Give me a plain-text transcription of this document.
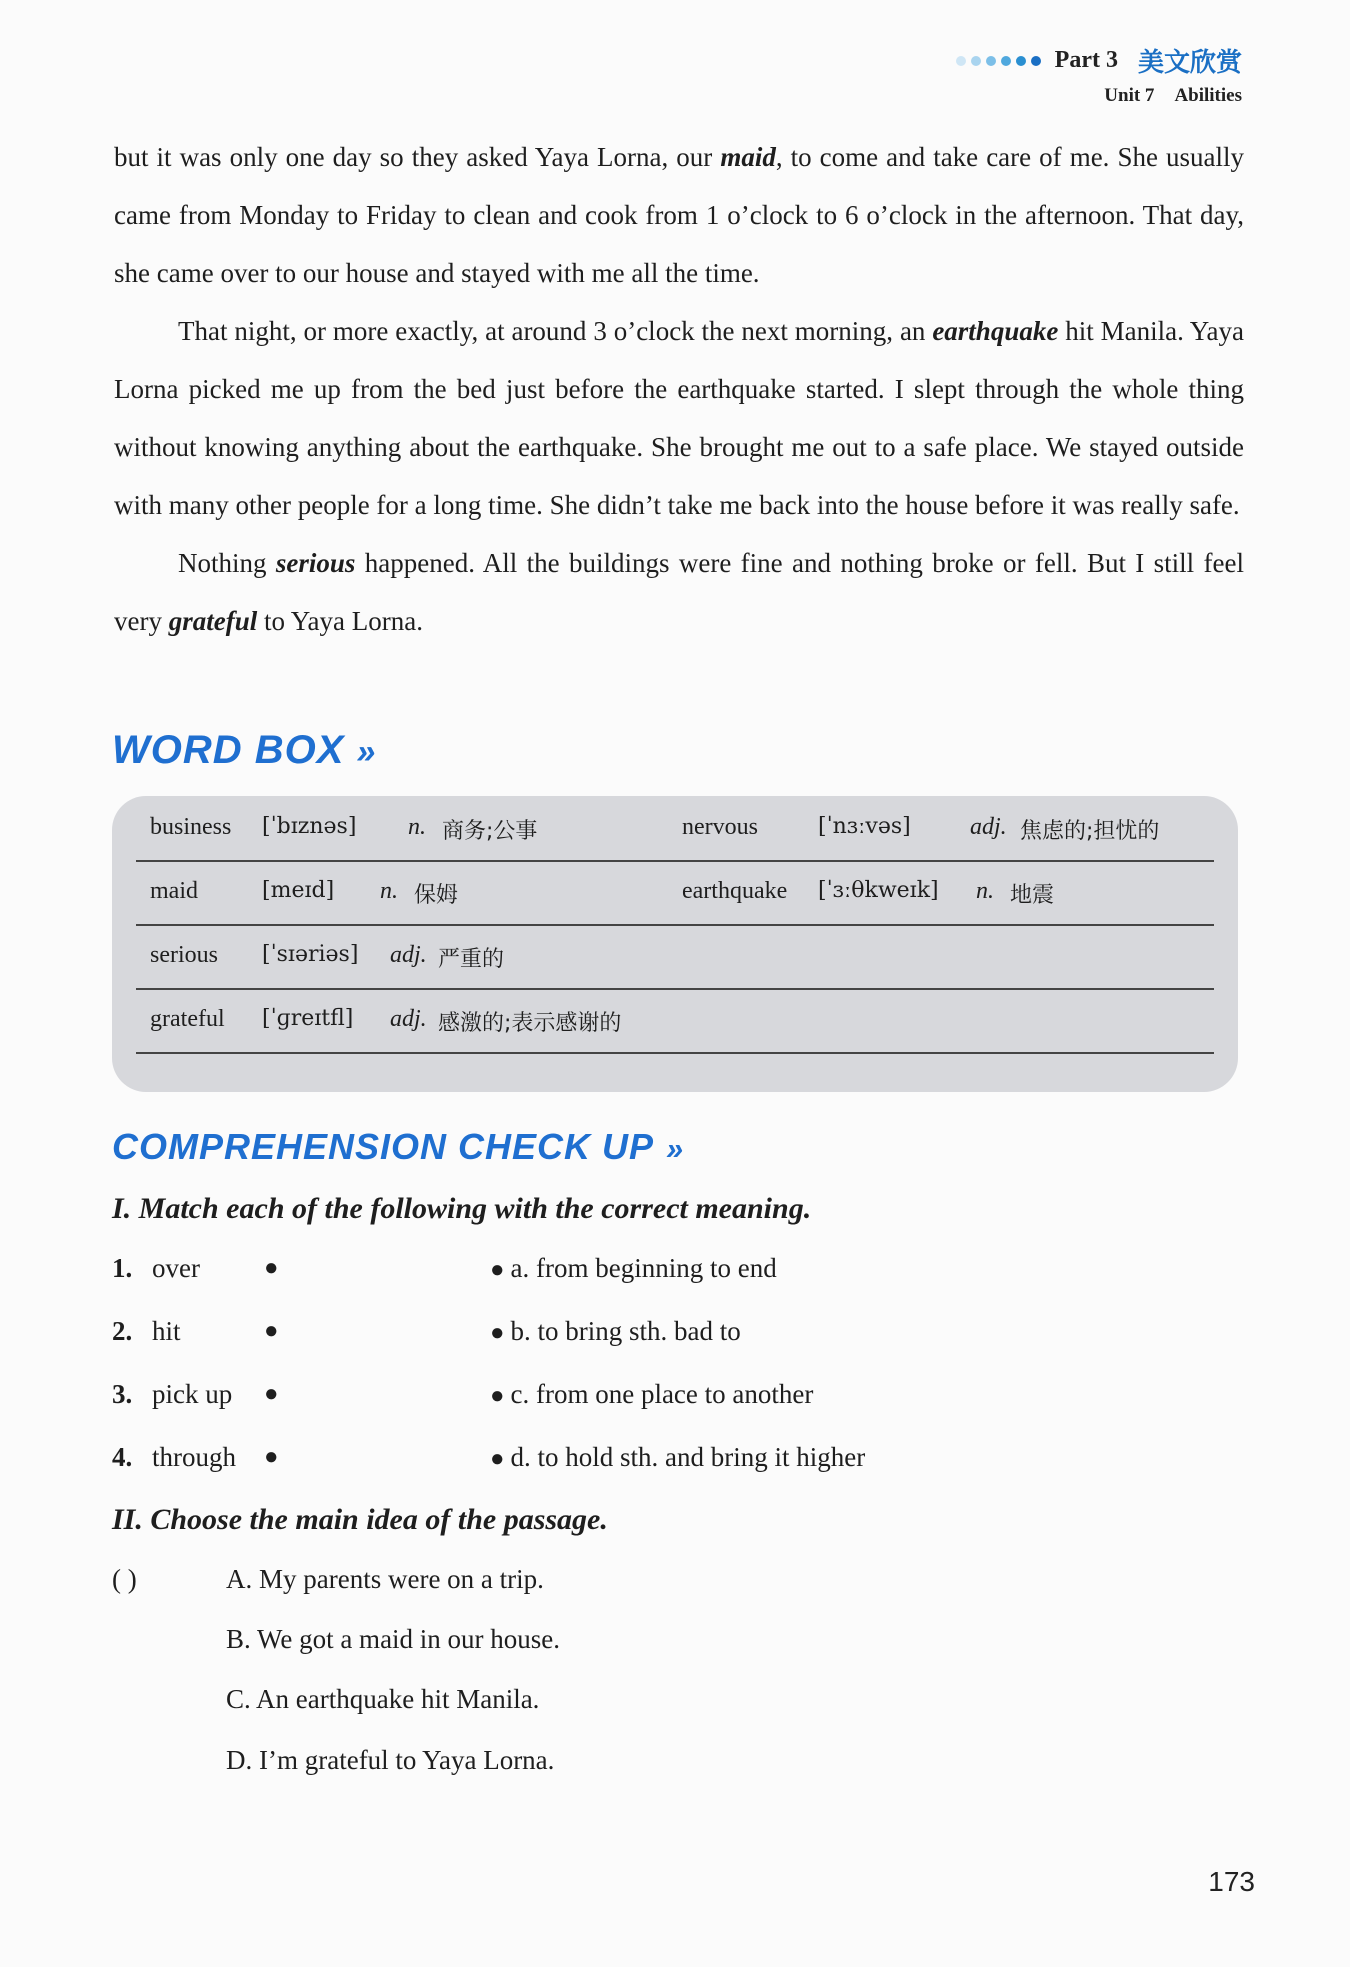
Part 3 美文欣赏
Unit 7 Abilities

but it was only one day so they asked Yaya Lorna, our maid, to come and take care of me. She usually came from Monday to Friday to clean and cook from 1 o’clock to 6 o’clock in the afternoon. That day, she came over to our house and stayed with me all the time.

That night, or more exactly, at around 3 o’clock the next morning, an earthquake hit Manila. Yaya Lorna picked me up from the bed just before the earthquake started. I slept through the whole thing without knowing anything about the earthquake. She brought me out to a safe place. We stayed outside with many other people for a long time. She didn’t take me back into the house before it was really safe.

Nothing serious happened. All the buildings were fine and nothing broke or fell. But I still feel very grateful to Yaya Lorna.

WORD BOX »
business [ˈbɪznəs] n. 商务;公事	nervous	[ˈnɜːvəs] adj. 焦虑的;担忧的
maid	[meɪd] n. 保姆	earthquake [ˈɜːθkweɪk] n. 地震
serious [ˈsɪəriəs] adj. 严重的
grateful [ˈɡreɪtfl] adj. 感激的;表示感谢的
COMPREHENSION CHECK UP »
I. Match each of the following with the correct meaning.
1. over	●	● a. from beginning to end
2. hit	●	● b. to bring sth. bad to
3. pick up ●	● c. from one place to another
4. through ●	● d. to hold sth. and bring it higher
II. Choose the main idea of the passage.
( )	A. My parents were on a trip.
B. We got a maid in our house.
C. An earthquake hit Manila.
D. I’m grateful to Yaya Lorna.
173
